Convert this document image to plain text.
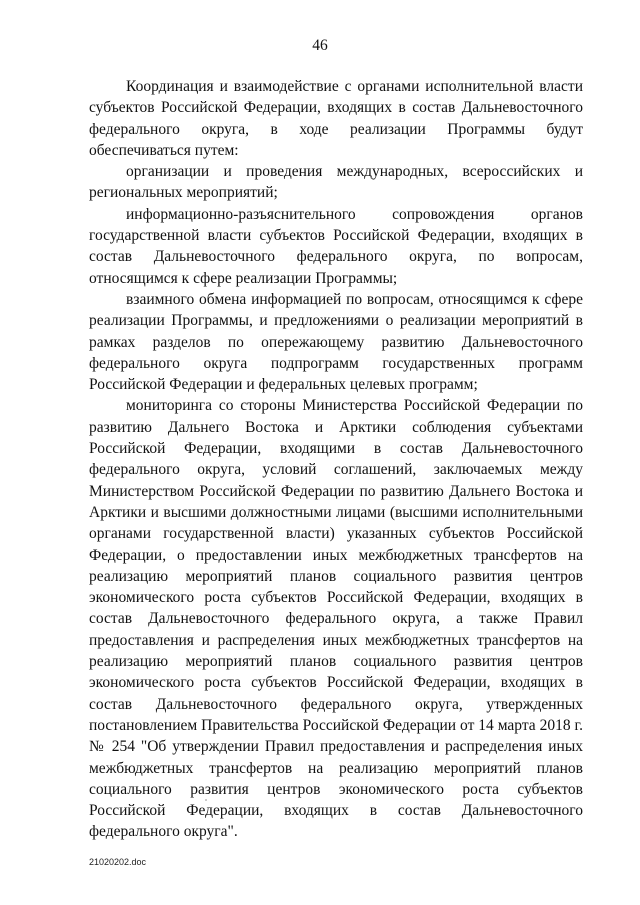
46

Координация и взаимодействие с органами исполнительной власти субъектов Российской Федерации, входящих в состав Дальневосточного федерального округа, в ходе реализации Программы будут обеспечиваться путем:

организации и проведения международных, всероссийских и региональных мероприятий;

информационно-разъяснительного сопровождения органов государственной власти субъектов Российской Федерации, входящих в состав Дальневосточного федерального округа, по вопросам, относящимся к сфере реализации Программы;

взаимного обмена информацией по вопросам, относящимся к сфере реализации Программы, и предложениями о реализации мероприятий в рамках разделов по опережающему развитию Дальневосточного федерального округа подпрограмм государственных программ Российской Федерации и федеральных целевых программ;

мониторинга со стороны Министерства Российской Федерации по развитию Дальнего Востока и Арктики соблюдения субъектами Российской Федерации, входящими в состав Дальневосточного федерального округа, условий соглашений, заключаемых между Министерством Российской Федерации по развитию Дальнего Востока и Арктики и высшими должностными лицами (высшими исполнительными органами государственной власти) указанных субъектов Российской Федерации, о предоставлении иных межбюджетных трансфертов на реализацию мероприятий планов социального развития центров экономического роста субъектов Российской Федерации, входящих в состав Дальневосточного федерального округа, а также Правил предоставления и распределения иных межбюджетных трансфертов на реализацию мероприятий планов социального развития центров экономического роста субъектов Российской Федерации, входящих в состав Дальневосточного федерального округа, утвержденных постановлением Правительства Российской Федерации от 14 марта 2018 г. № 254 "Об утверждении Правил предоставления и распределения иных межбюджетных трансфертов на реализацию мероприятий планов социального развития центров экономического роста субъектов Российской Федерации, входящих в состав Дальневосточного федерального округа".

21020202.doc
